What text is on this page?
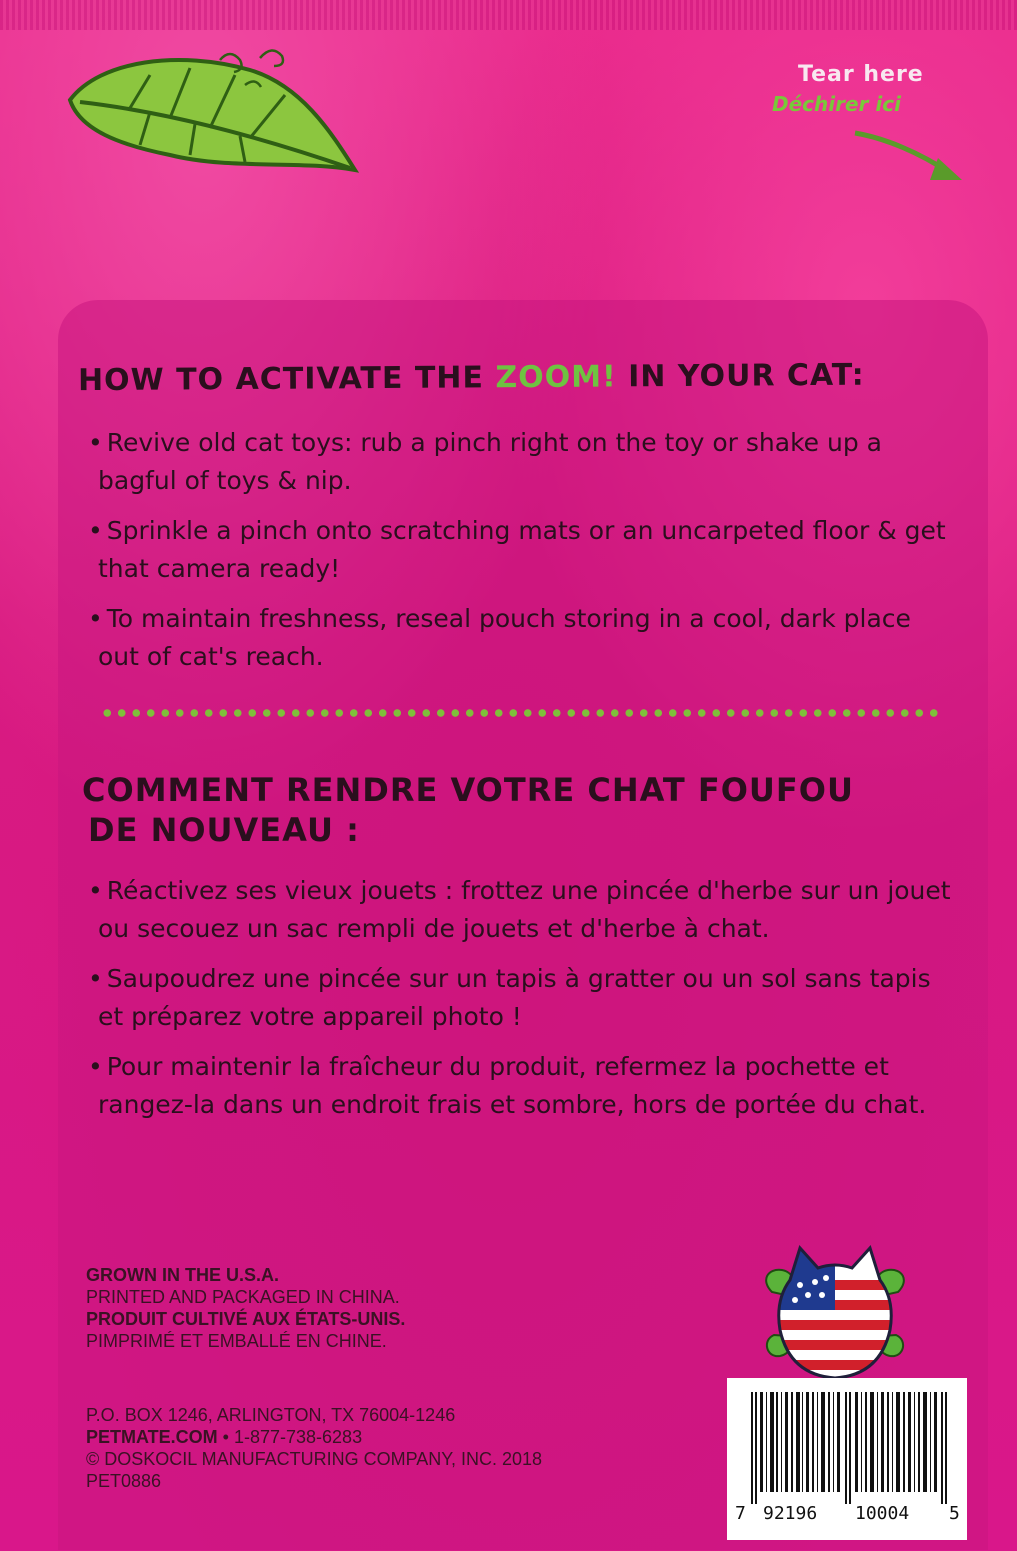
Tear here
Déchirer ici
HOW TO ACTIVATE THE ZOOM! IN YOUR CAT:
• Revive old cat toys: rub a pinch right on the toy or shake up a bagful of toys & nip.
• Sprinkle a pinch onto scratching mats or an uncarpeted floor & get that camera ready!
• To maintain freshness, reseal pouch storing in a cool, dark place out of cat's reach.
COMMENT RENDRE VOTRE CHAT FOUFOU
DE NOUVEAU :
• Réactivez ses vieux jouets : frottez une pincée d'herbe sur un jouet ou secouez un sac rempli de jouets et d'herbe à chat.
• Saupoudrez une pincée sur un tapis à gratter ou un sol sans tapis et préparez votre appareil photo !
• Pour maintenir la fraîcheur du produit, refermez la pochette et rangez-la dans un endroit frais et sombre, hors de portée du chat.
GROWN IN THE U.S.A.
PRINTED AND PACKAGED IN CHINA.
PRODUIT CULTIVÉ AUX ÉTATS-UNIS.
PIMPRIMÉ ET EMBALLÉ EN CHINE.
P.O. BOX 1246, ARLINGTON, TX 76004-1246
PETMATE.COM • 1-877-738-6283
© DOSKOCIL MANUFACTURING COMPANY, INC. 2018
PET0886
7 92196 10004 5
